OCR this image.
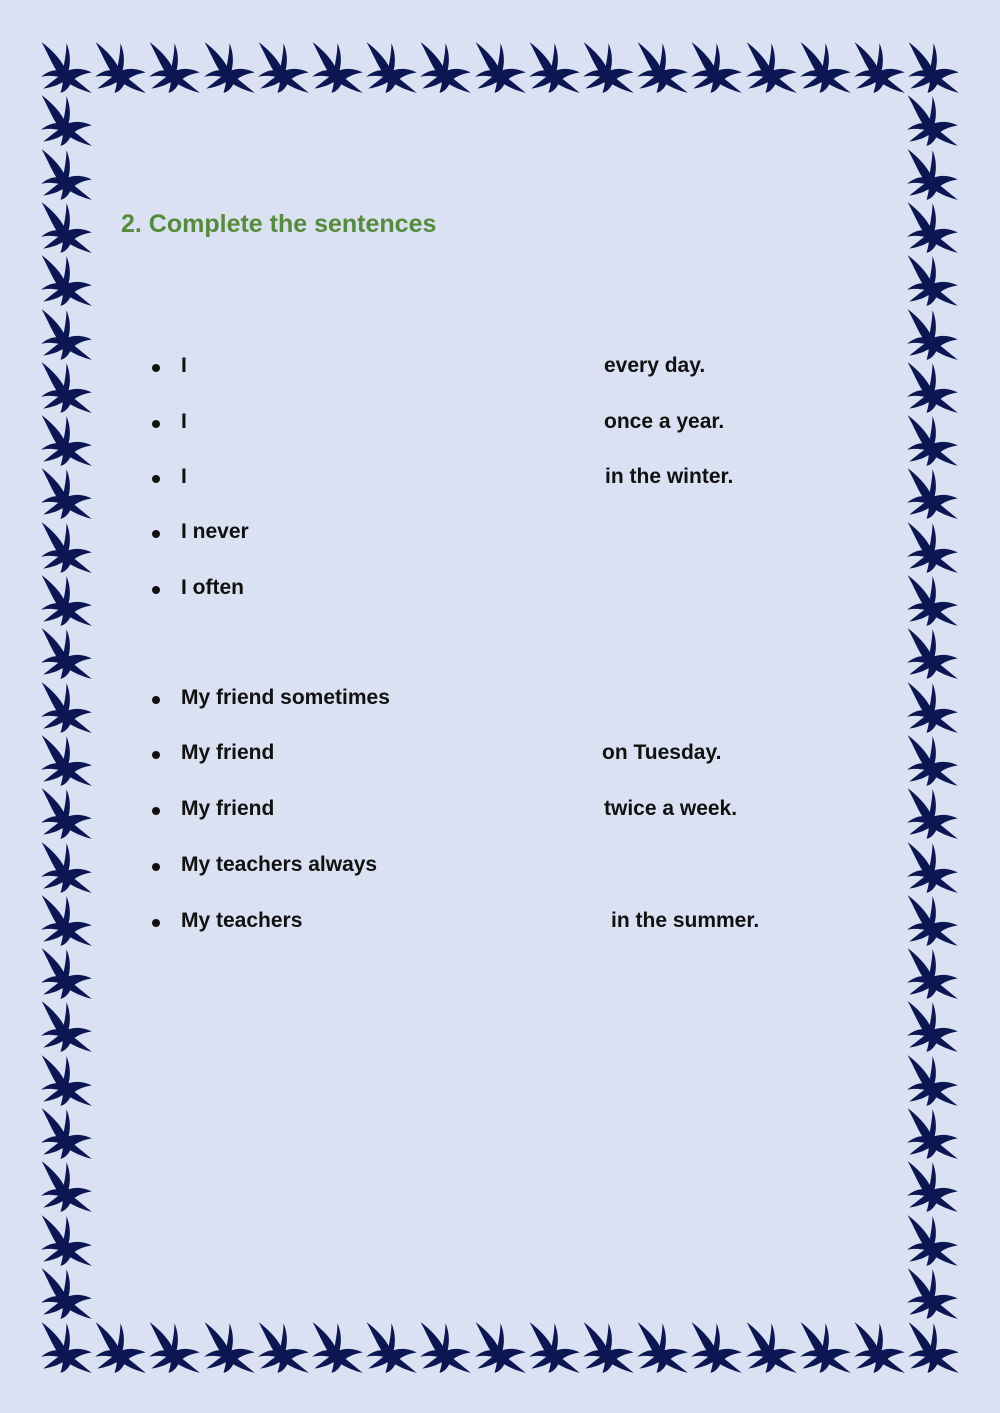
2. Complete the sentences
I	every day.
I	once a year.
I	in the winter.
I never
I often
My friend sometimes
My friend	on Tuesday.
My friend	twice a week.
My teachers always
My teachers	in the summer.
